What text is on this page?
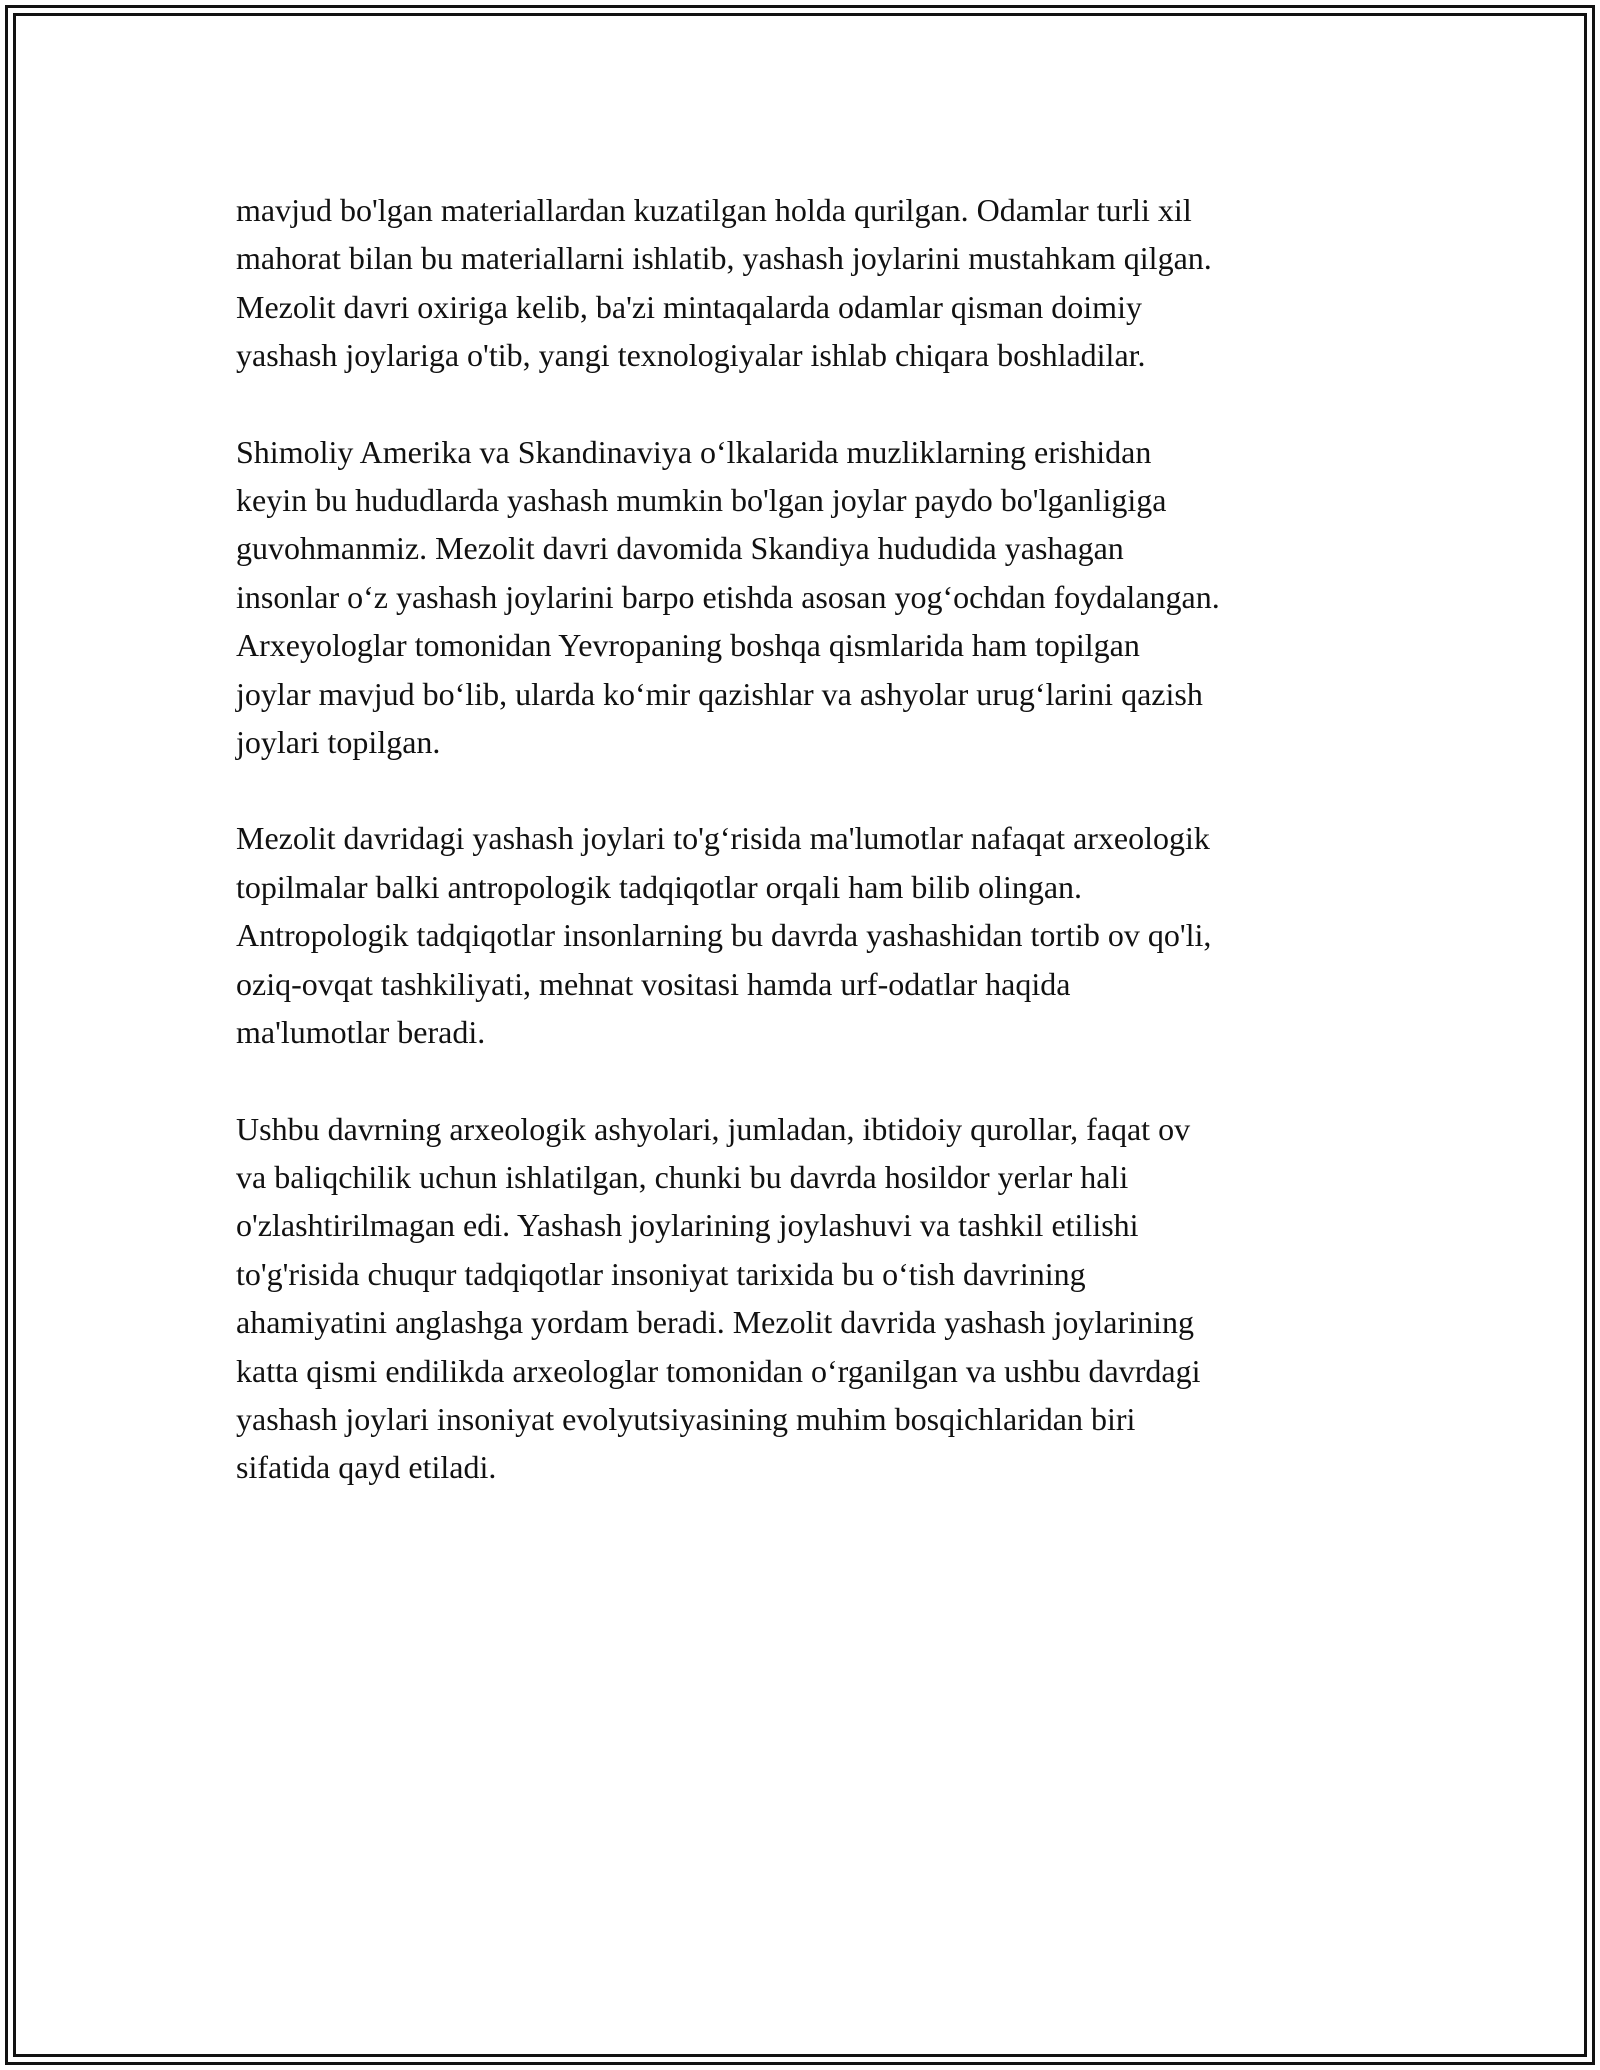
mavjud bo'lgan materiallardan kuzatilgan holda qurilgan. Odamlar turli xil
mahorat bilan bu materiallarni ishlatib, yashash joylarini mustahkam qilgan.
Mezolit davri oxiriga kelib, ba'zi mintaqalarda odamlar qisman doimiy
yashash joylariga o'tib, yangi texnologiyalar ishlab chiqara boshladilar.

Shimoliy Amerika va Skandinaviya o‘lkalarida muzliklarning erishidan
keyin bu hududlarda yashash mumkin bo'lgan joylar paydo bo'lganligiga
guvohmanmiz. Mezolit davri davomida Skandiya hududida yashagan
insonlar o‘z yashash joylarini barpo etishda asosan yog‘ochdan foydalangan.
Arxeyologlar tomonidan Yevropaning boshqa qismlarida ham topilgan
joylar mavjud bo‘lib, ularda ko‘mir qazishlar va ashyolar urug‘larini qazish
joylari topilgan.

Mezolit davridagi yashash joylari to'g‘risida ma'lumotlar nafaqat arxeologik
topilmalar balki antropologik tadqiqotlar orqali ham bilib olingan.
Antropologik tadqiqotlar insonlarning bu davrda yashashidan tortib ov qo'li,
oziq-ovqat tashkiliyati, mehnat vositasi hamda urf-odatlar haqida
ma'lumotlar beradi.

Ushbu davrning arxeologik ashyolari, jumladan, ibtidoiy qurollar, faqat ov
va baliqchilik uchun ishlatilgan, chunki bu davrda hosildor yerlar hali
o'zlashtirilmagan edi. Yashash joylarining joylashuvi va tashkil etilishi
to'g'risida chuqur tadqiqotlar insoniyat tarixida bu o‘tish davrining
ahamiyatini anglashga yordam beradi. Mezolit davrida yashash joylarining
katta qismi endilikda arxeologlar tomonidan o‘rganilgan va ushbu davrdagi
yashash joylari insoniyat evolyutsiyasining muhim bosqichlaridan biri
sifatida qayd etiladi.
